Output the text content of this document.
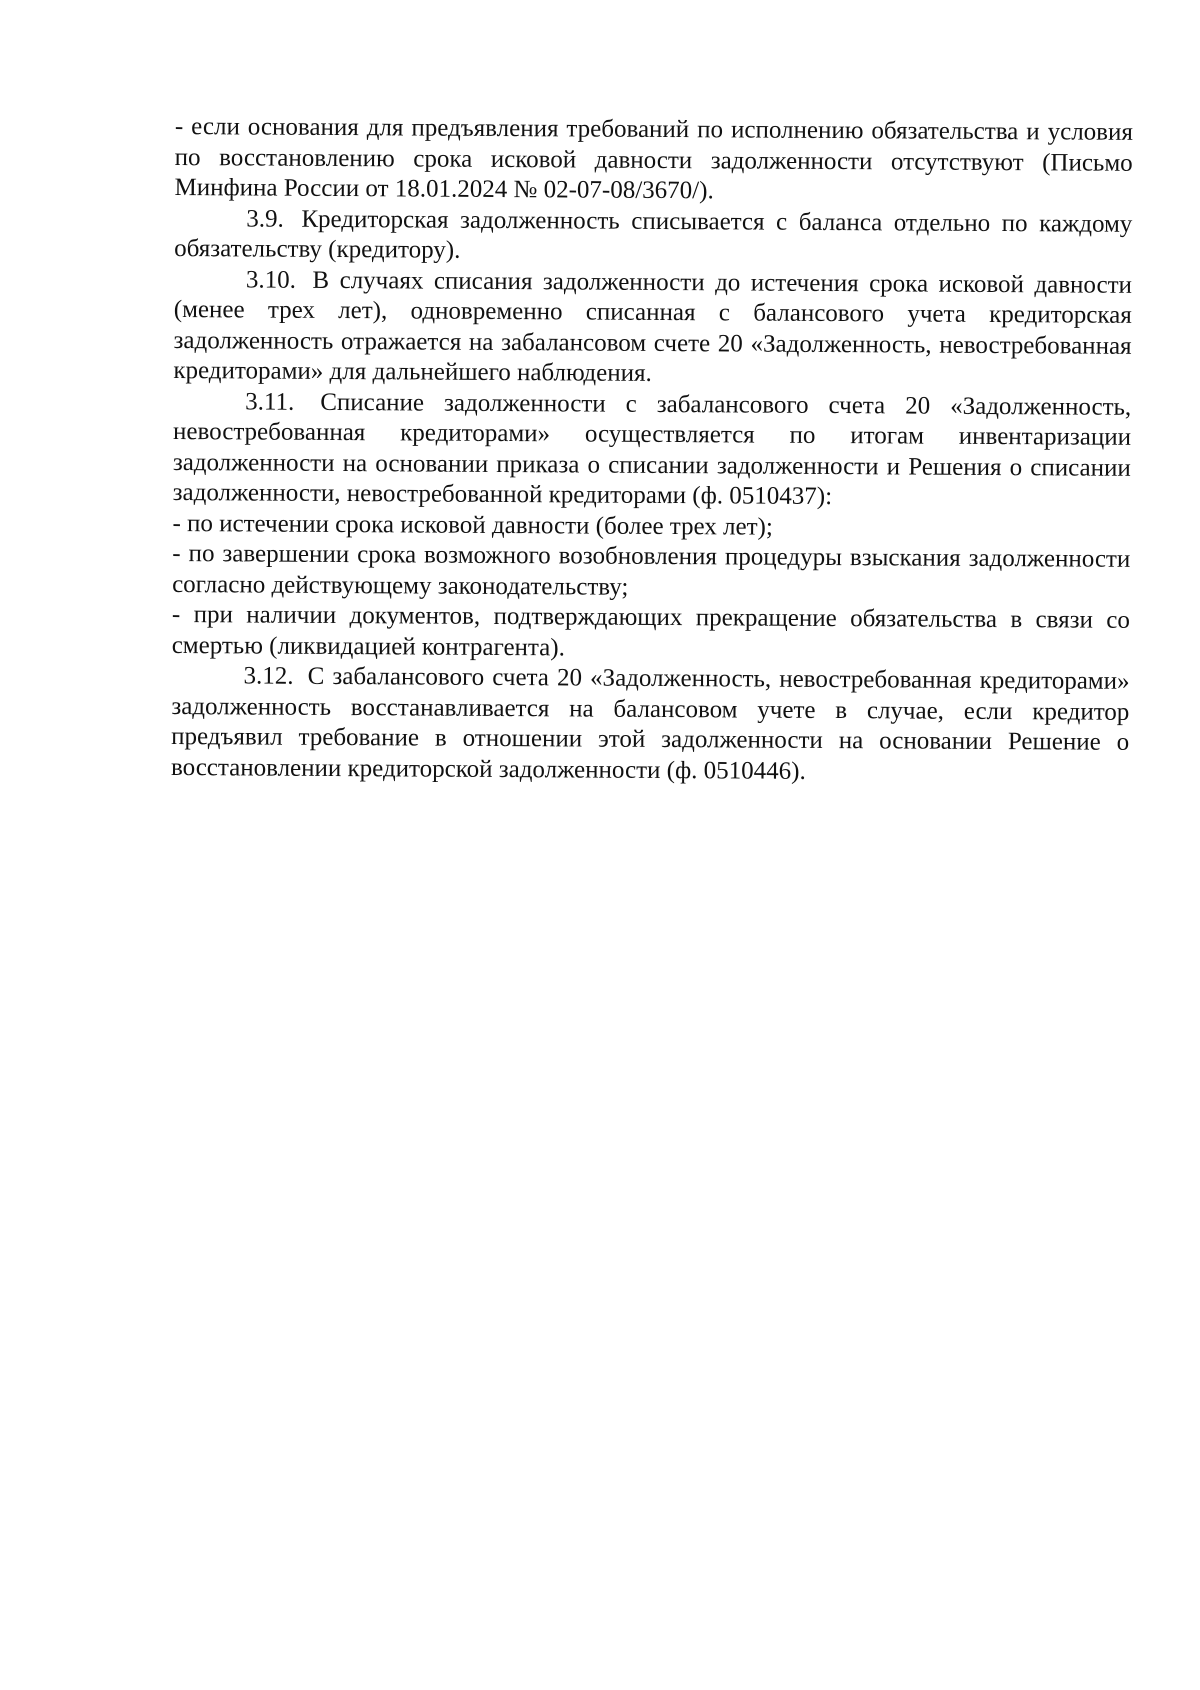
- если основания для предъявления требований по исполнению обязательства и условия по восстановлению срока исковой давности задолженности отсутствуют (Письмо Минфина России от 18.01.2024 № 02-07-08/3670/).

3.9. Кредиторская задолженность списывается с баланса отдельно по каждому обязательству (кредитору).

3.10. В случаях списания задолженности до истечения срока исковой давности (менее трех лет), одновременно списанная с балансового учета кредиторская задолженность отражается на забалансовом счете 20 «Задолженность, невостребованная кредиторами» для дальнейшего наблюдения.

3.11. Списание задолженности с забалансового счета 20 «Задолженность, невостребованная кредиторами» осуществляется по итогам инвентаризации задолженности на основании приказа о списании задолженности и Решения о списании задолженности, невостребованной кредиторами (ф. 0510437):

- по истечении срока исковой давности (более трех лет);

- по завершении срока возможного возобновления процедуры взыскания задолженности согласно действующему законодательству;

- при наличии документов, подтверждающих прекращение обязательства в связи со смертью (ликвидацией контрагента).

3.12. С забалансового счета 20 «Задолженность, невостребованная кредиторами» задолженность восстанавливается на балансовом учете в случае, если кредитор предъявил требование в отношении этой задолженности на основании Решение о восстановлении кредиторской задолженности (ф. 0510446).
